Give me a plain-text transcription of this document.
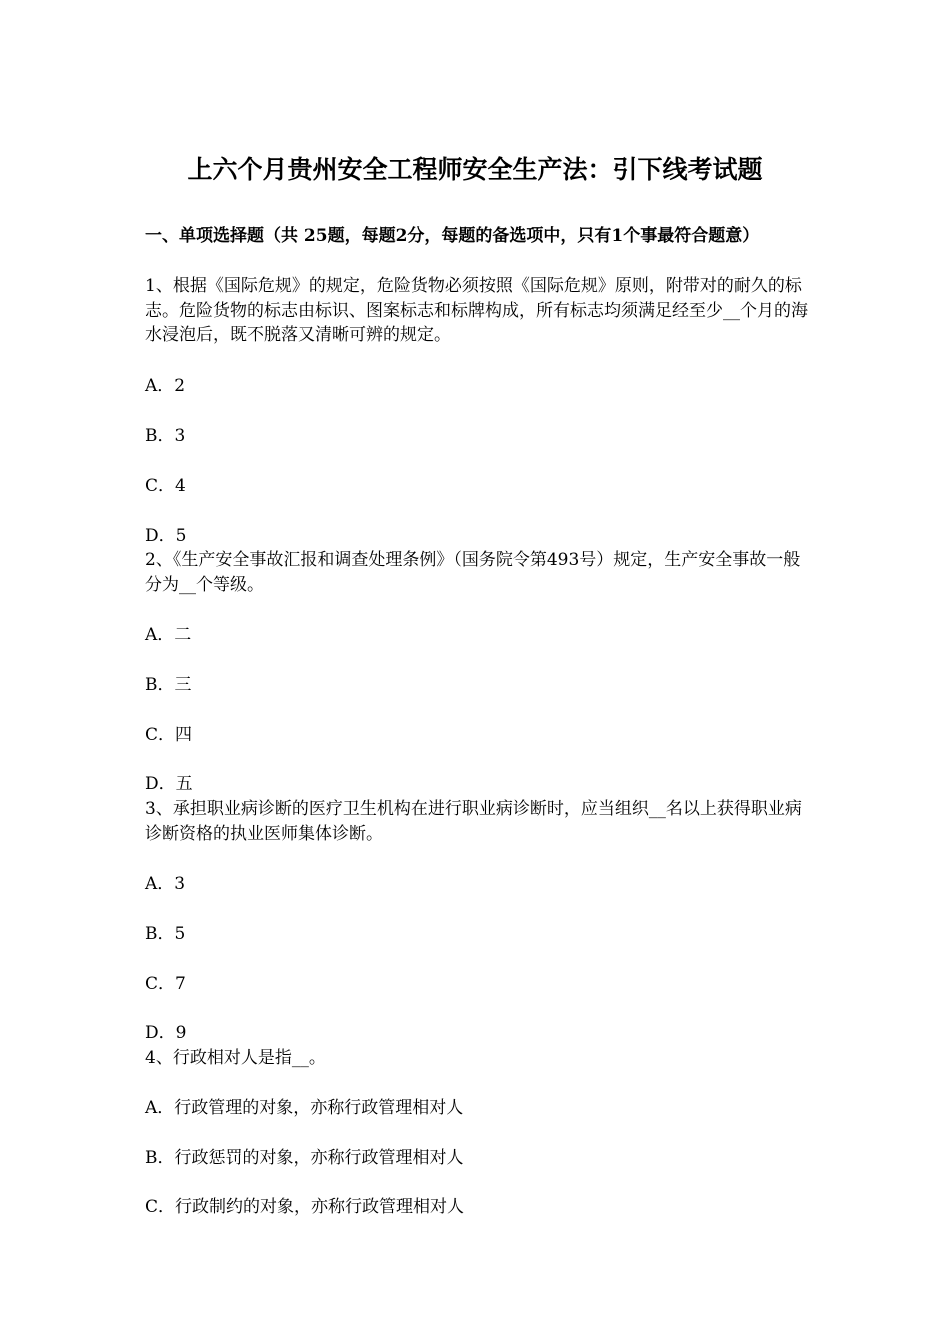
上六个月贵州安全工程师安全生产法：引下线考试题
一、单项选择题（共 25题，每题2分，每题的备选项中，只有1个事最符合题意）
1、根据《国际危规》的规定，危险货物必须按照《国际危规》原则，附带对的耐久的标志。危险货物的标志由标识、图案标志和标牌构成，所有标志均须满足经至少__个月的海水浸泡后，既不脱落又清晰可辨的规定。
A．2
B．3
C．4
D．5
2、《生产安全事故汇报和调查处理条例》（国务院令第493号）规定，生产安全事故一般分为__个等级。
A．二
B．三
C．四
D．五
3、承担职业病诊断的医疗卫生机构在进行职业病诊断时，应当组织__名以上获得职业病诊断资格的执业医师集体诊断。
A．3
B．5
C．7
D．9
4、行政相对人是指__。
A．行政管理的对象，亦称行政管理相对人
B．行政惩罚的对象，亦称行政管理相对人
C．行政制约的对象，亦称行政管理相对人
